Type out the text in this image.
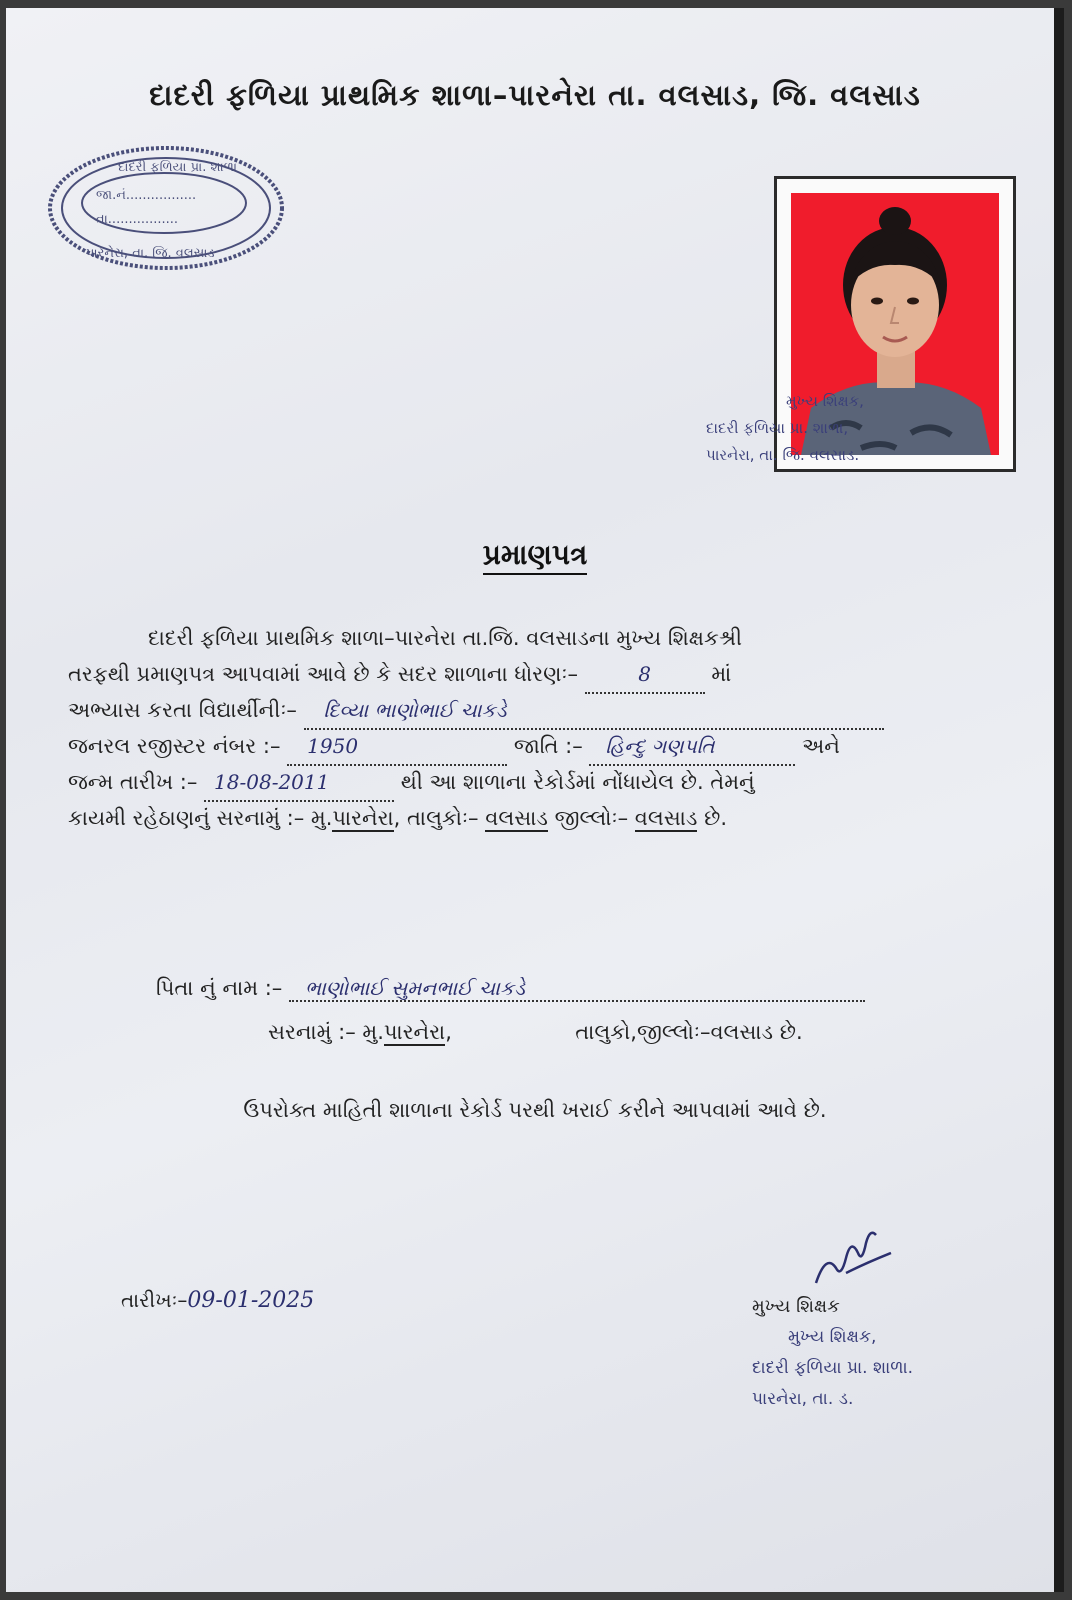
દાદરી ફળિયા પ્રાથમિક શાળા–પારનેરા તા. વલસાડ, જિ. વલસાડ
દાદરી ફળિયા પ્રા. શાળા
જા.નં.................
તા.................
પારનેરા, તા. જિ. વલસાડ
મુખ્ય શિક્ષક,
દાદરી ફળિયા પ્રા. શાળા,
પારનેરા, તા. જિ. વલસાડ.
પ્રમાણપત્ર
દાદરી ફળિયા પ્રાથમિક શાળા–પારનેરા તા.જિ. વલસાડના મુખ્ય શિક્ષકશ્રી
તરફથી પ્રમાણપત્ર આપવામાં આવે છે કે સદર શાળાના ધોરણઃ–	8	માં
અભ્યાસ કરતા વિદ્યાર્થીનીઃ– દિવ્યા ભાણોભાઈ ચાકડે
જનરલ રજીસ્ટર નંબર :– 1950	જાતિ :– હિન્દુ ગણપતિ	અને
જન્મ તારીખ :– 18-08-2011	થી આ શાળાના રેકોર્ડમાં નોંધાયેલ છે. તેમનું
કાયમી રહેઠાણનું સરનામું :– મુ.પારનેરા, તાલુકોઃ– વલસાડ જીલ્લોઃ– વલસાડ છે.
પિતા નું નામ :– ભાણોભાઈ સુમનભાઈ ચાકડે
સરનામું :– મુ.પારનેરા,	તાલુકો,જીલ્લોઃ–વલસાડ છે.
ઉપરોક્ત માહિતી શાળાના રેકોર્ડ પરથી ખરાઈ કરીને આપવામાં આવે છે.
તારીખઃ–09-01-2025	મુખ્ય શિક્ષક
મુખ્ય શિક્ષક,
દાદરી ફળિયા પ્રા. શાળા.
પારનેરા, તા. ડ.
